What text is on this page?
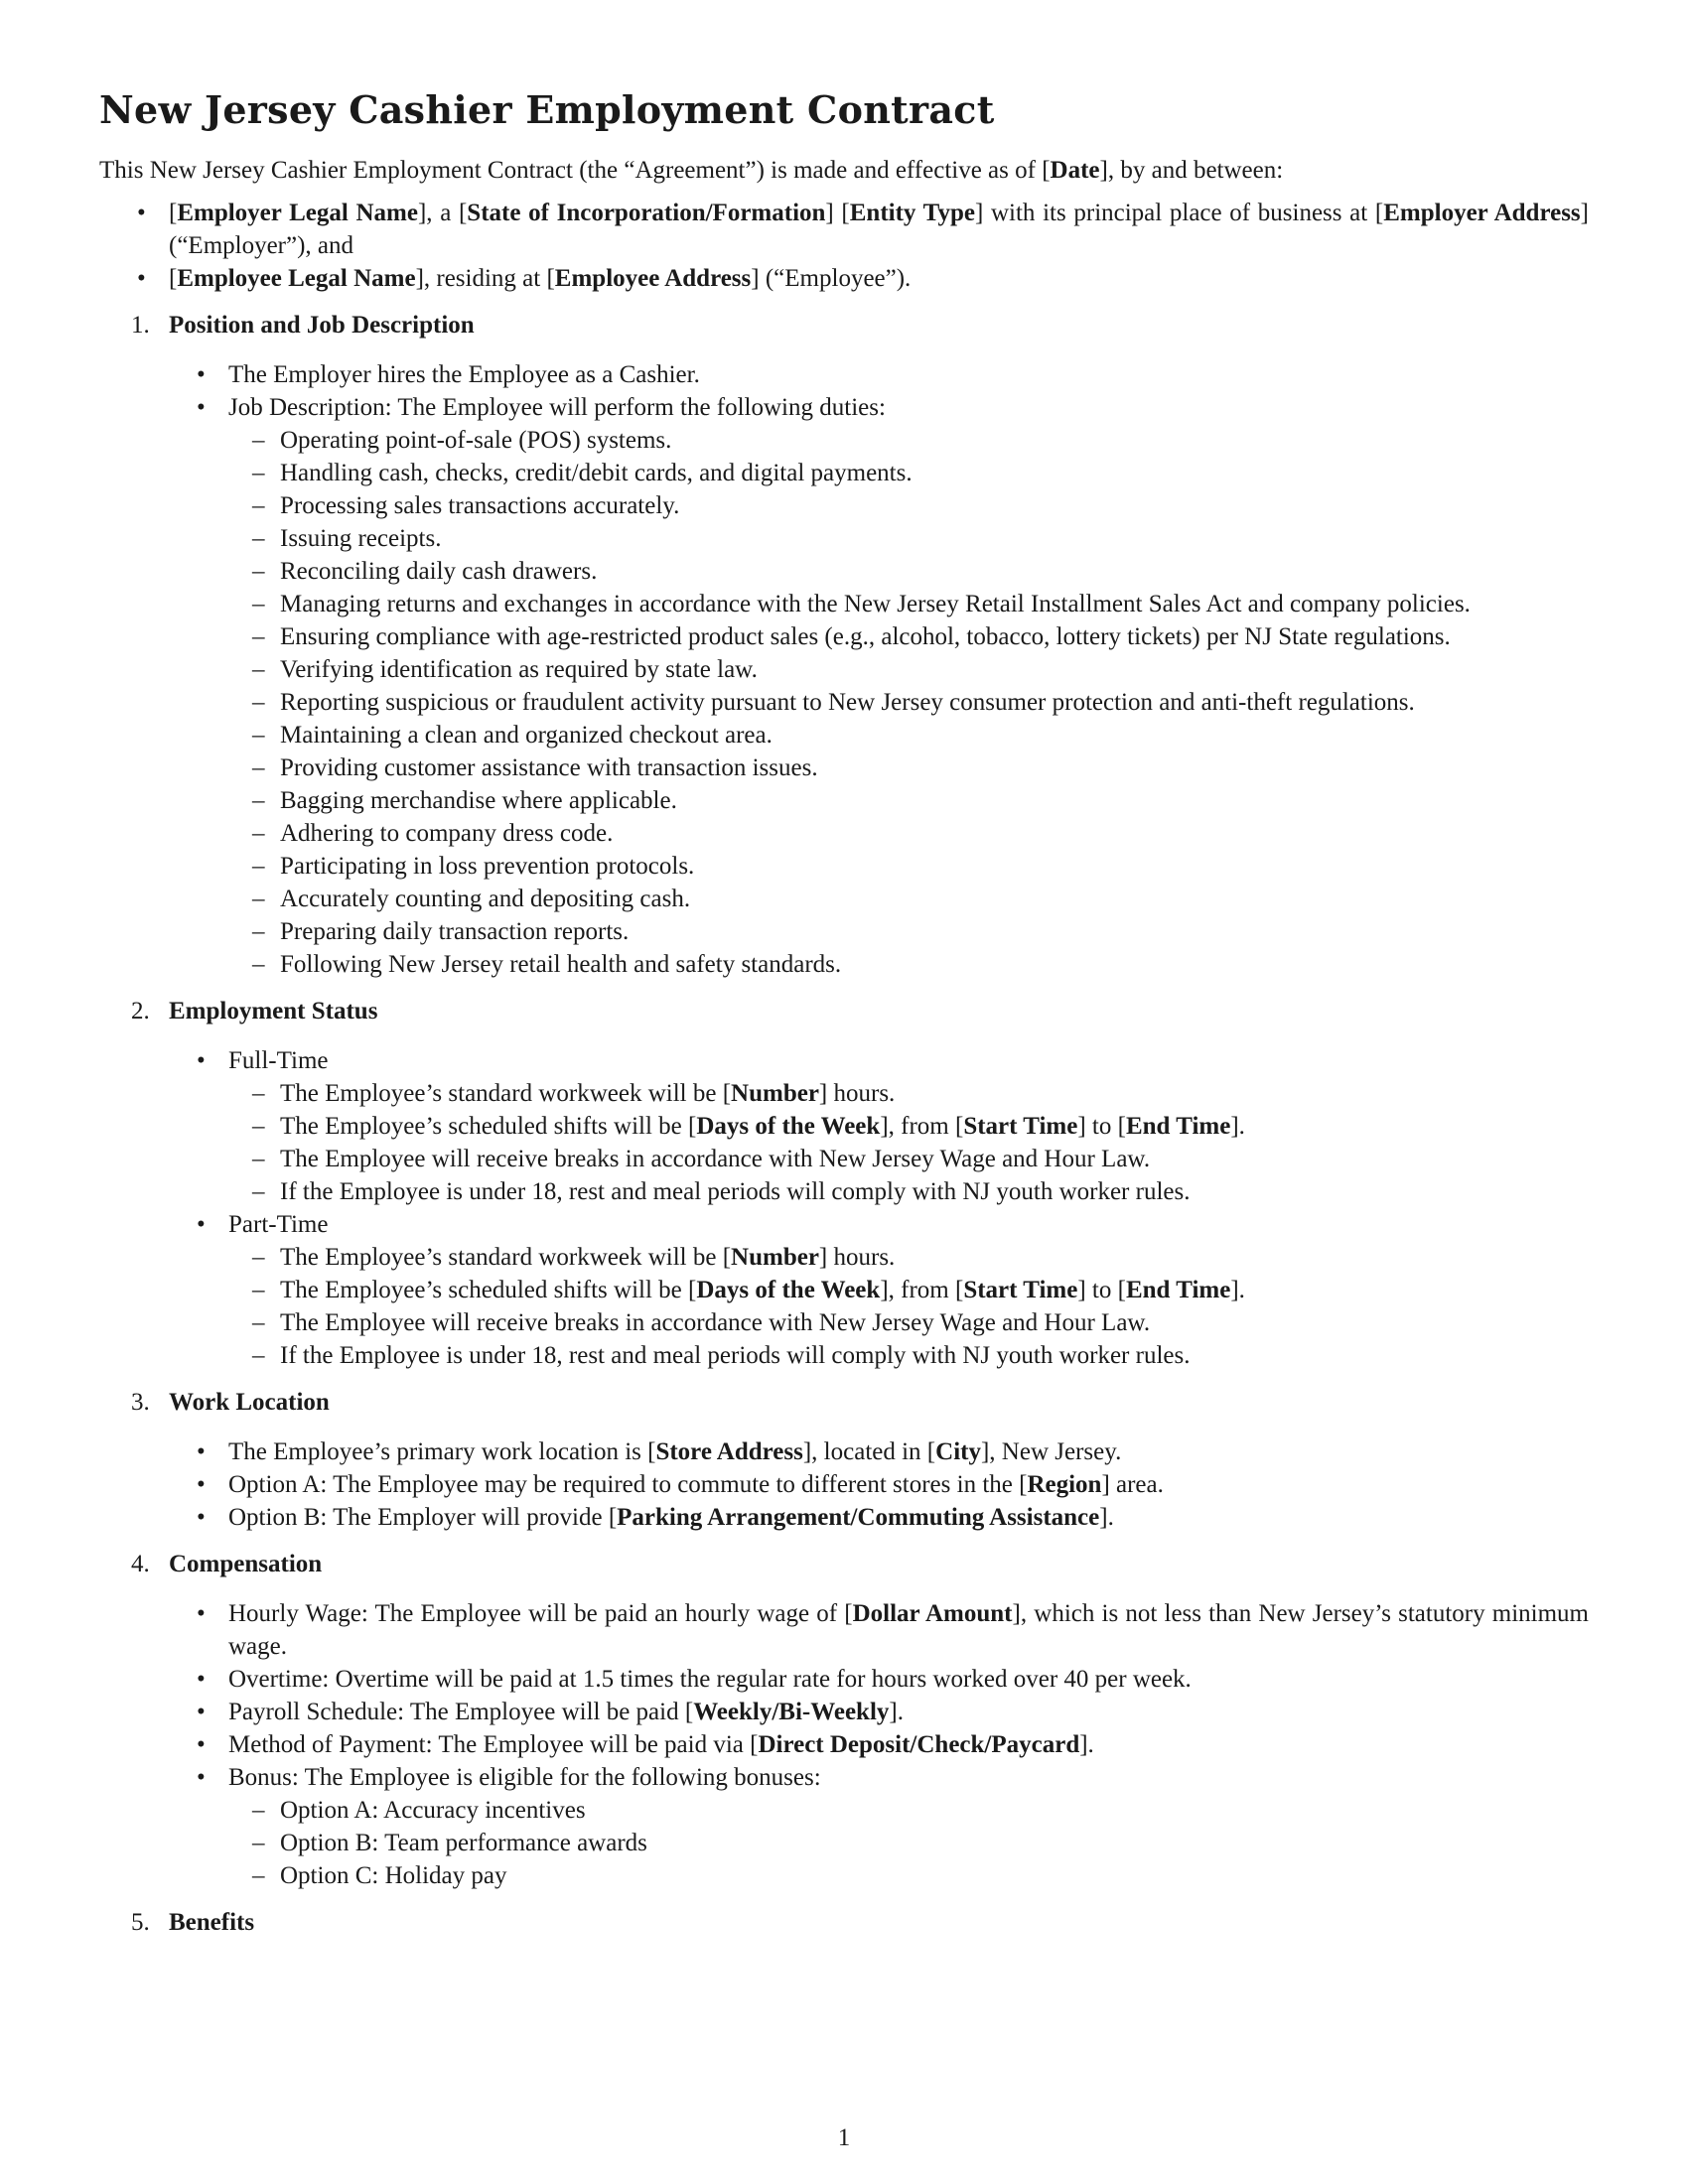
New Jersey Cashier Employment Contract

This New Jersey Cashier Employment Contract (the “Agreement”) is made and effective as of [Date], by and between:

• [Employer Legal Name], a [State of Incorporation/Formation] [Entity Type] with its principal place of business at [Employer Address] (“Employer”), and
• [Employee Legal Name], residing at [Employee Address] (“Employee”).
1. Position and Job Description
• The Employer hires the Employee as a Cashier.
• Job Description: The Employee will perform the following duties:
– Operating point-of-sale (POS) systems.
– Handling cash, checks, credit/debit cards, and digital payments.
– Processing sales transactions accurately.
– Issuing receipts.
– Reconciling daily cash drawers.
– Managing returns and exchanges in accordance with the New Jersey Retail Installment Sales Act and company policies.
– Ensuring compliance with age-restricted product sales (e.g., alcohol, tobacco, lottery tickets) per NJ State regulations.
– Verifying identification as required by state law.
– Reporting suspicious or fraudulent activity pursuant to New Jersey consumer protection and anti-theft regulations.
– Maintaining a clean and organized checkout area.
– Providing customer assistance with transaction issues.
– Bagging merchandise where applicable.
– Adhering to company dress code.
– Participating in loss prevention protocols.
– Accurately counting and depositing cash.
– Preparing daily transaction reports.
– Following New Jersey retail health and safety standards.
2. Employment Status
• Full-Time
– The Employee’s standard workweek will be [Number] hours.
– The Employee’s scheduled shifts will be [Days of the Week], from [Start Time] to [End Time].
– The Employee will receive breaks in accordance with New Jersey Wage and Hour Law.
– If the Employee is under 18, rest and meal periods will comply with NJ youth worker rules.
• Part-Time
– The Employee’s standard workweek will be [Number] hours.
– The Employee’s scheduled shifts will be [Days of the Week], from [Start Time] to [End Time].
– The Employee will receive breaks in accordance with New Jersey Wage and Hour Law.
– If the Employee is under 18, rest and meal periods will comply with NJ youth worker rules.
3. Work Location
• The Employee’s primary work location is [Store Address], located in [City], New Jersey.
• Option A: The Employee may be required to commute to different stores in the [Region] area.
• Option B: The Employer will provide [Parking Arrangement/Commuting Assistance].
4. Compensation
• Hourly Wage: The Employee will be paid an hourly wage of [Dollar Amount], which is not less than New Jersey’s statutory minimum wage.
• Overtime: Overtime will be paid at 1.5 times the regular rate for hours worked over 40 per week.
• Payroll Schedule: The Employee will be paid [Weekly/Bi-Weekly].
• Method of Payment: The Employee will be paid via [Direct Deposit/Check/Paycard].
• Bonus: The Employee is eligible for the following bonuses:
– Option A: Accuracy incentives
– Option B: Team performance awards
– Option C: Holiday pay
5. Benefits
1
